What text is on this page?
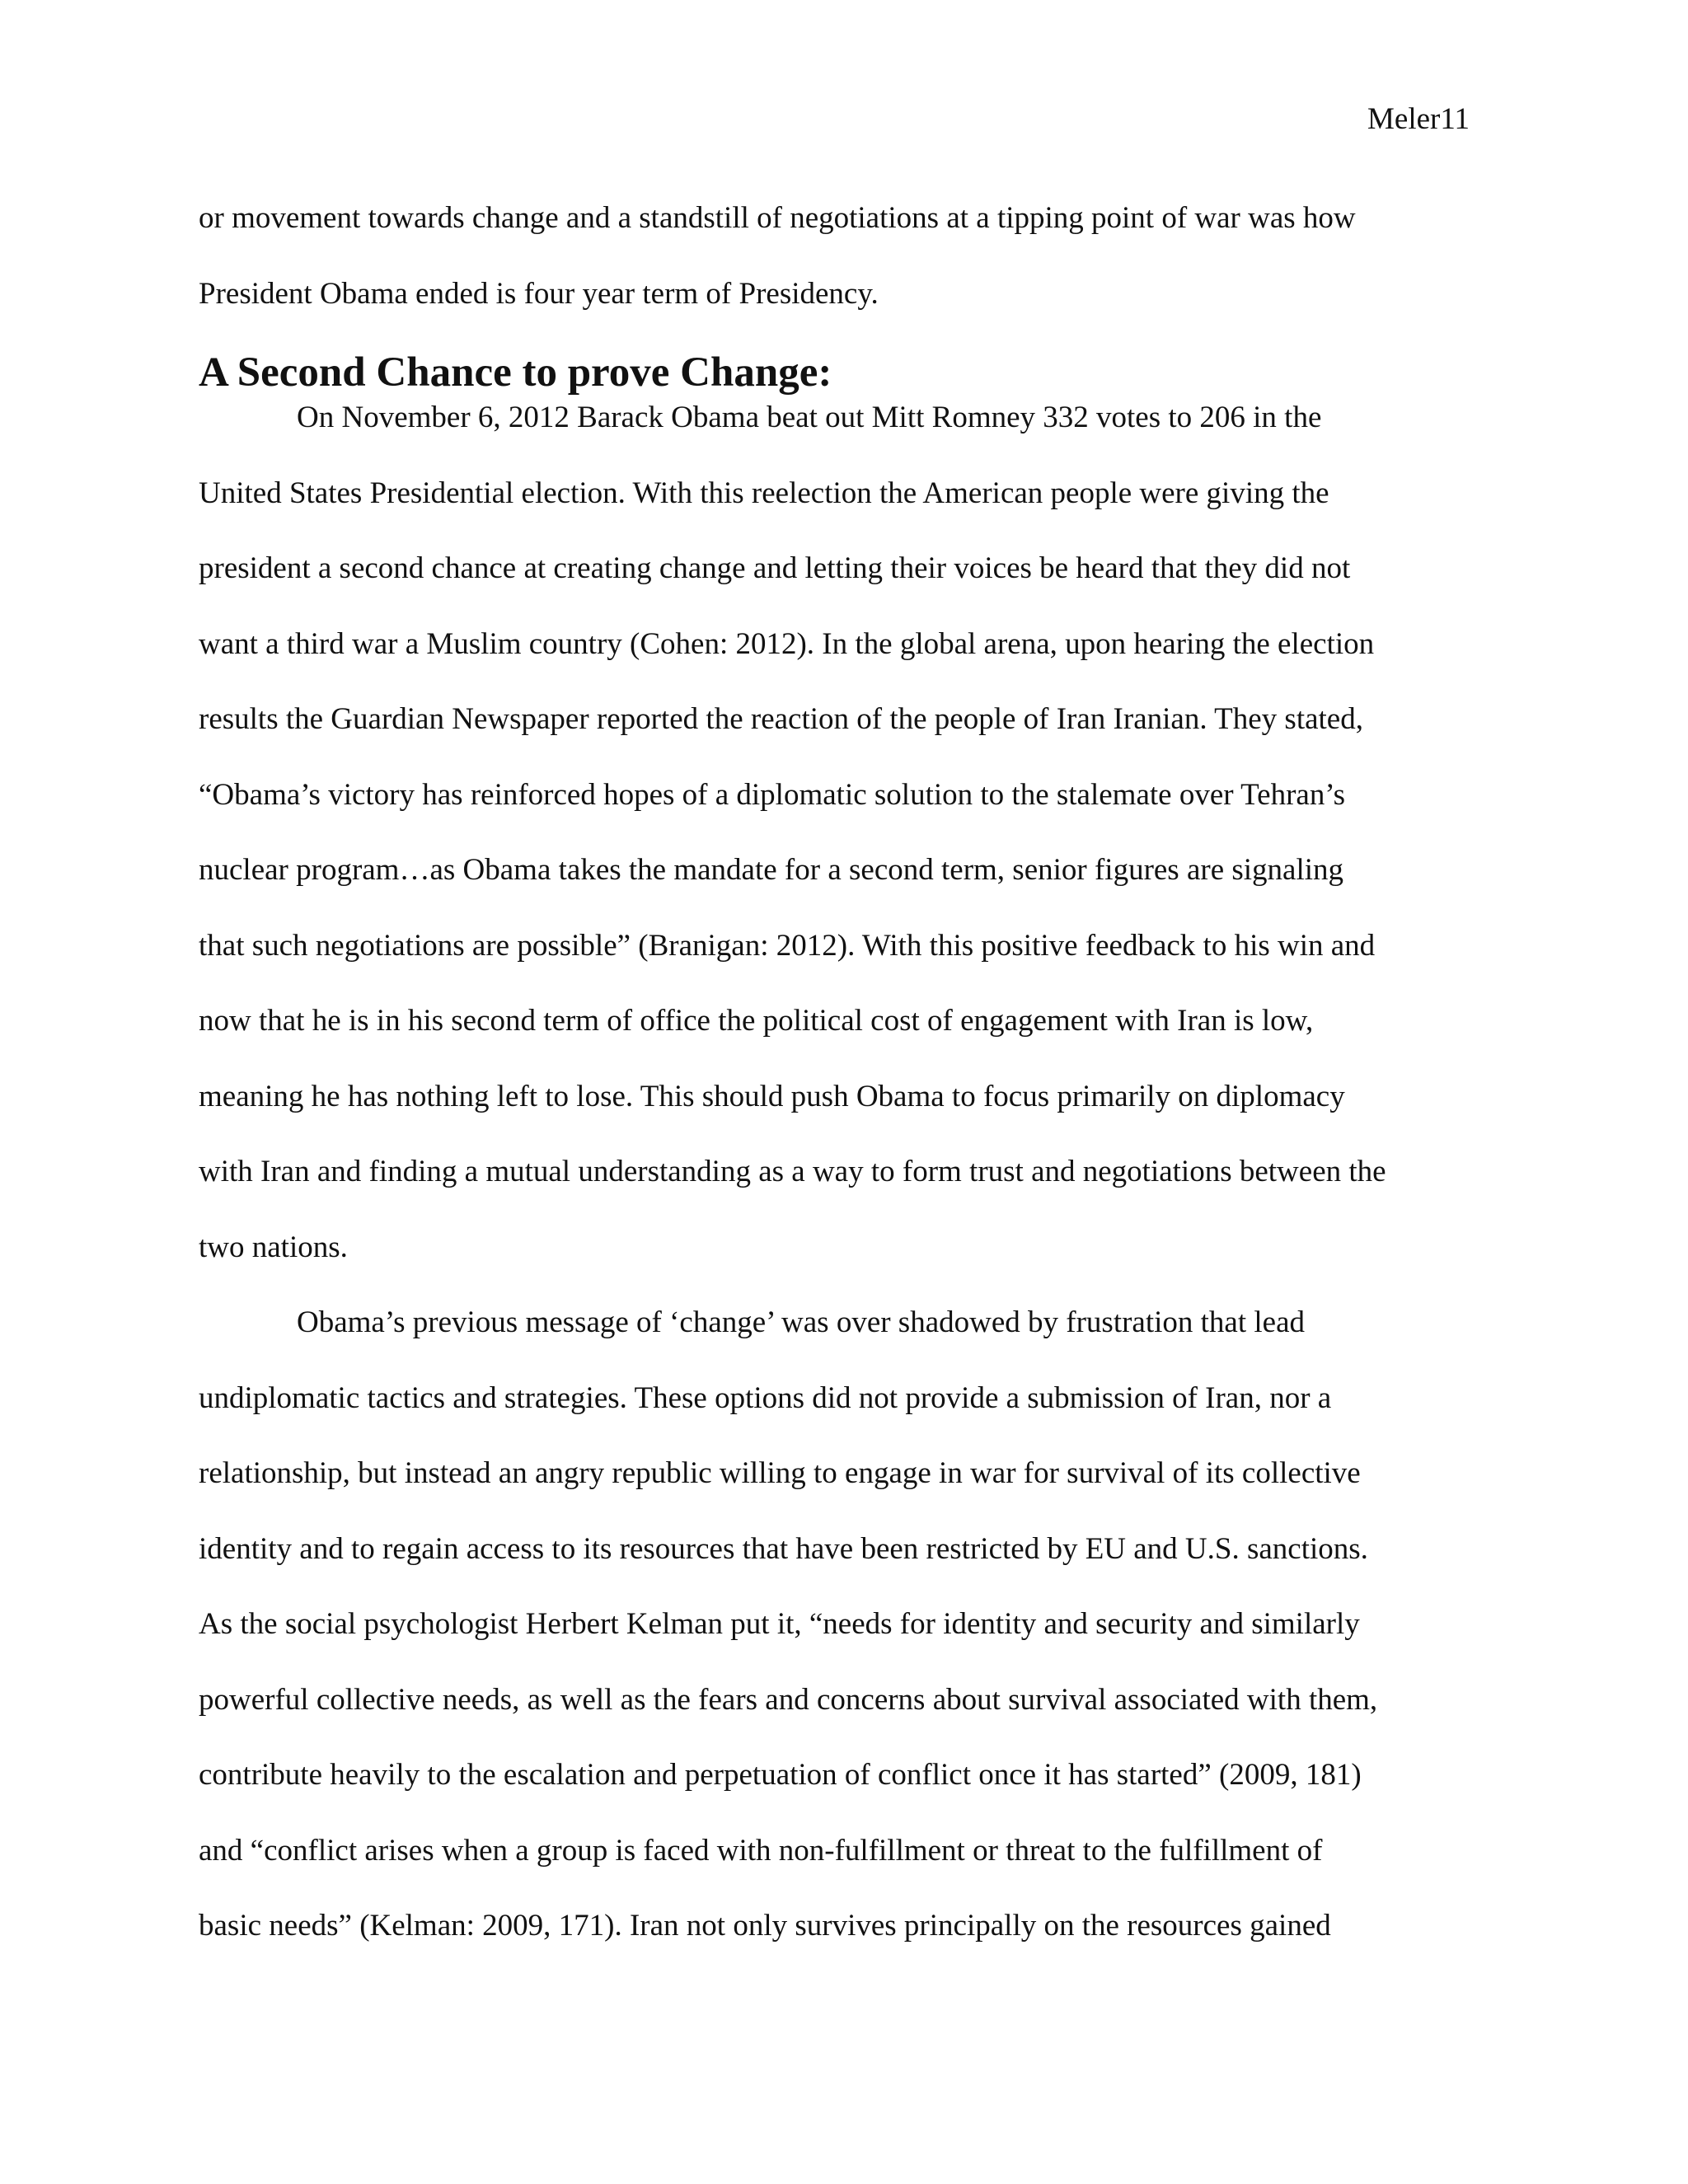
Meler11
or movement towards change and a standstill of negotiations at a tipping point of war was how
President Obama ended is four year term of Presidency.
A Second Chance to prove Change:
On November 6, 2012 Barack Obama beat out Mitt Romney 332 votes to 206 in the
United States Presidential election. With this reelection the American people were giving the
president a second chance at creating change and letting their voices be heard that they did not
want a third war a Muslim country (Cohen: 2012). In the global arena, upon hearing the election
results the Guardian Newspaper reported the reaction of the people of Iran Iranian. They stated,
“Obama’s victory has reinforced hopes of a diplomatic solution to the stalemate over Tehran’s
nuclear program…as Obama takes the mandate for a second term, senior figures are signaling
that such negotiations are possible” (Branigan: 2012). With this positive feedback to his win and
now that he is in his second term of office the political cost of engagement with Iran is low,
meaning he has nothing left to lose. This should push Obama to focus primarily on diplomacy
with Iran and finding a mutual understanding as a way to form trust and negotiations between the
two nations.
Obama’s previous message of ‘change’ was over shadowed by frustration that lead
undiplomatic tactics and strategies. These options did not provide a submission of Iran, nor a
relationship, but instead an angry republic willing to engage in war for survival of its collective
identity and to regain access to its resources that have been restricted by EU and U.S. sanctions.
As the social psychologist Herbert Kelman put it, “needs for identity and security and similarly
powerful collective needs, as well as the fears and concerns about survival associated with them,
contribute heavily to the escalation and perpetuation of conflict once it has started” (2009, 181)
and “conflict arises when a group is faced with non-fulfillment or threat to the fulfillment of
basic needs” (Kelman: 2009, 171). Iran not only survives principally on the resources gained
